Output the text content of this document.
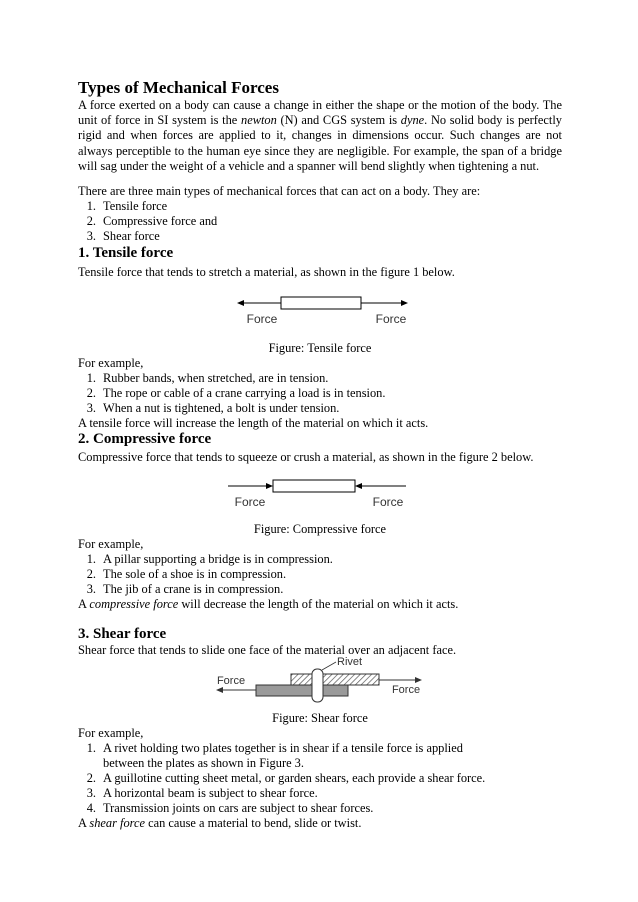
Types of Mechanical Forces
A force exerted on a body can cause a change in either the shape or the motion of the body. The unit of force in SI system is the newton (N) and CGS system is dyne. No solid body is perfectly rigid and when forces are applied to it, changes in dimensions occur. Such changes are not always perceptible to the human eye since they are negligible. For example, the span of a bridge will sag under the weight of a vehicle and a spanner will bend slightly when tightening a nut.
There are three main types of mechanical forces that can act on a body. They are:
1. Tensile force
2. Compressive force and
3. Shear force
1. Tensile force
Tensile force that tends to stretch a material, as shown in the figure 1 below.
Force	Force
Figure: Tensile force
For example,
1. Rubber bands, when stretched, are in tension.
2. The rope or cable of a crane carrying a load is in tension.
3. When a nut is tightened, a bolt is under tension.
A tensile force will increase the length of the material on which it acts.
2. Compressive force
Compressive force that tends to squeeze or crush a material, as shown in the figure 2 below.
Force	Force
Figure: Compressive force
For example,
1. A pillar supporting a bridge is in compression.
2. The sole of a shoe is in compression.
3. The jib of a crane is in compression.
A compressive force will decrease the length of the material on which it acts.
3. Shear force
Shear force that tends to slide one face of the material over an adjacent face.
Rivet
Force
Force
Figure: Shear force
For example,
1. A rivet holding two plates together is in shear if a tensile force is applied
between the plates as shown in Figure 3.
2. A guillotine cutting sheet metal, or garden shears, each provide a shear force.
3. A horizontal beam is subject to shear force.
4. Transmission joints on cars are subject to shear forces.
A shear force can cause a material to bend, slide or twist.
